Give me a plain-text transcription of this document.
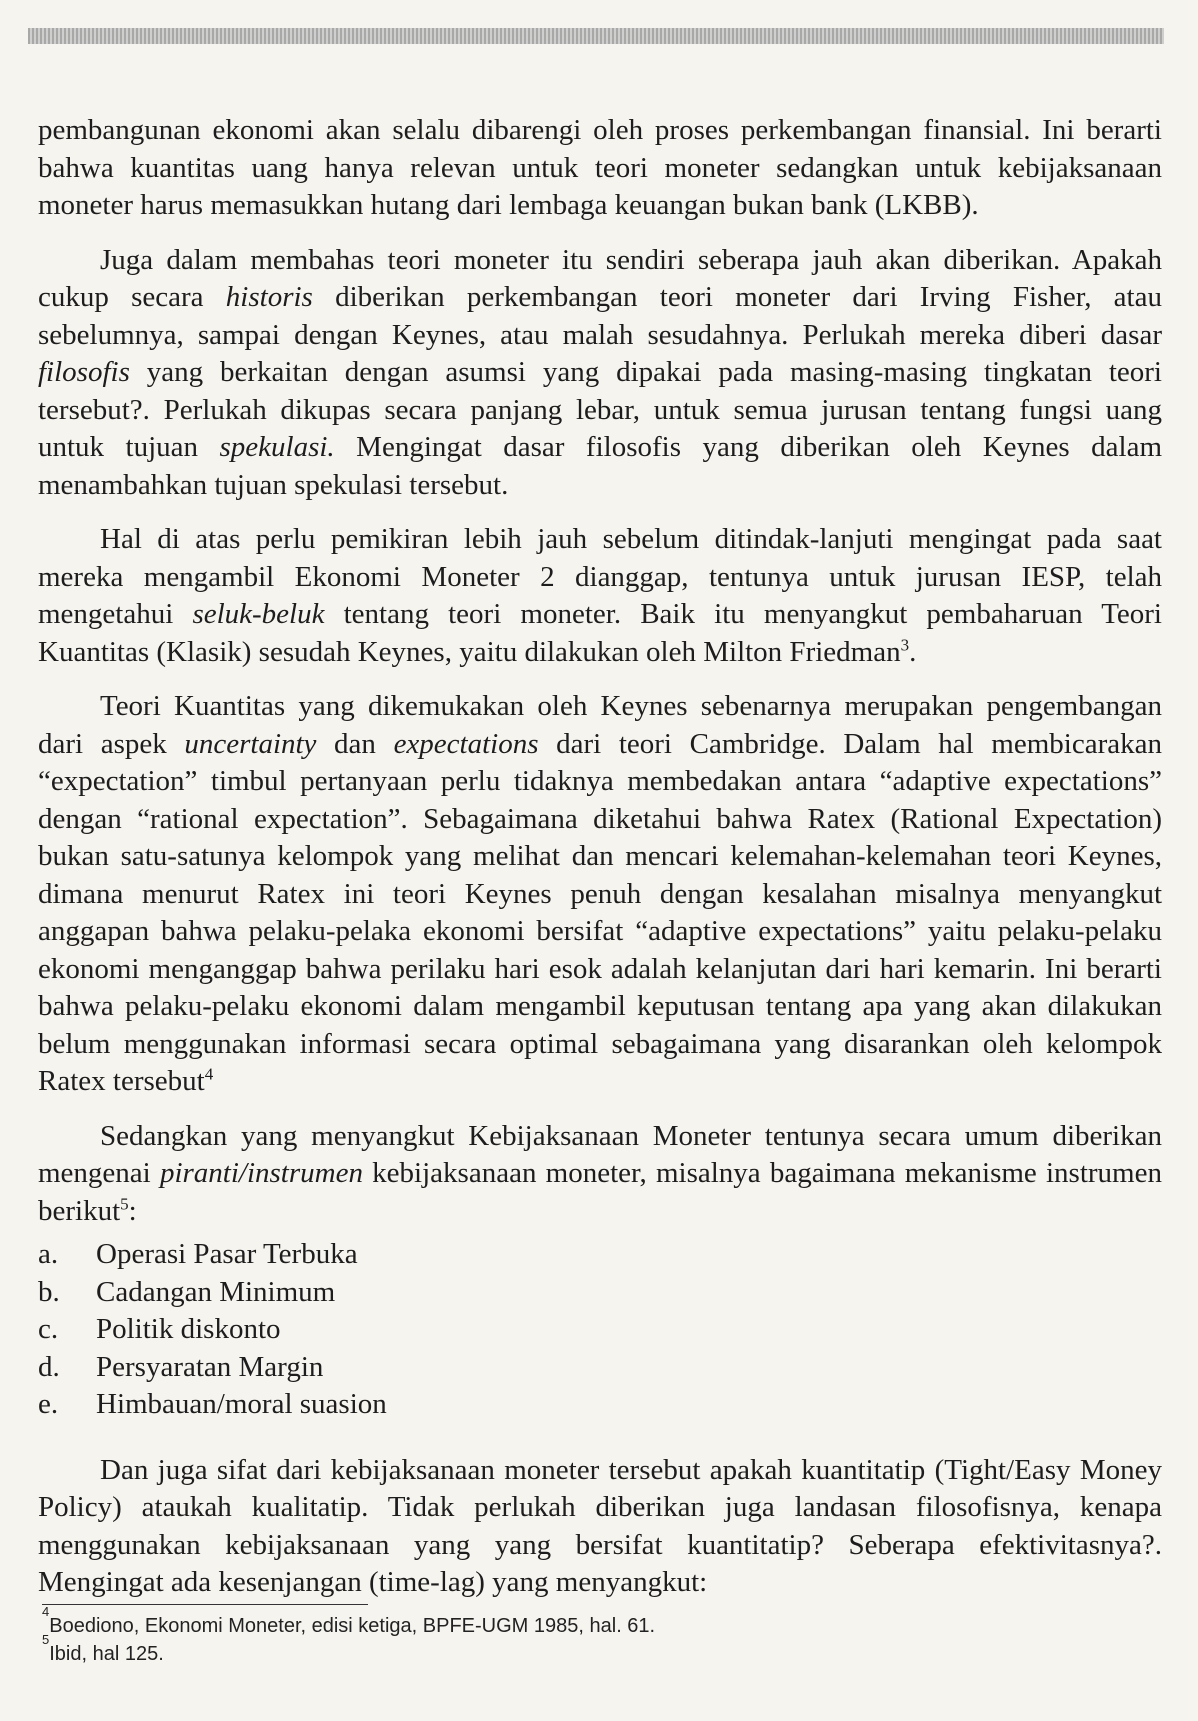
pembangunan ekonomi akan selalu dibarengi oleh proses perkembangan finansial. Ini berarti bahwa kuantitas uang hanya relevan untuk teori moneter sedangkan untuk kebijaksanaan moneter harus memasukkan hutang dari lembaga keuangan bukan bank (LKBB).

Juga dalam membahas teori moneter itu sendiri seberapa jauh akan diberikan. Apakah cukup secara historis diberikan perkembangan teori moneter dari Irving Fisher, atau sebelumnya, sampai dengan Keynes, atau malah sesudahnya. Perlukah mereka diberi dasar filosofis yang berkaitan dengan asumsi yang dipakai pada masing-masing tingkatan teori tersebut?. Perlukah dikupas secara panjang lebar, untuk semua jurusan tentang fungsi uang untuk tujuan spekulasi. Mengingat dasar filosofis yang diberikan oleh Keynes dalam menambahkan tujuan spekulasi tersebut.

Hal di atas perlu pemikiran lebih jauh sebelum ditindak-lanjuti mengingat pada saat mereka mengambil Ekonomi Moneter 2 dianggap, tentunya untuk jurusan IESP, telah mengetahui seluk-beluk tentang teori moneter. Baik itu menyangkut pembaharuan Teori Kuantitas (Klasik) sesudah Keynes, yaitu dilakukan oleh Milton Friedman$^3$.

Teori Kuantitas yang dikemukakan oleh Keynes sebenarnya merupakan pengembangan dari aspek uncertainty dan expectations dari teori Cambridge. Dalam hal membicarakan “expectation” timbul pertanyaan perlu tidaknya membedakan antara “adaptive expectations” dengan “rational expectation”. Sebagaimana diketahui bahwa Ratex (Rational Expectation) bukan satu-satunya kelompok yang melihat dan mencari kelemahan-kelemahan teori Keynes, dimana menurut Ratex ini teori Keynes penuh dengan kesalahan misalnya menyangkut anggapan bahwa pelaku-pelaka ekonomi bersifat “adaptive expectations” yaitu pelaku-pelaku ekonomi menganggap bahwa perilaku hari esok adalah kelanjutan dari hari kemarin. Ini berarti bahwa pelaku-pelaku ekonomi dalam mengambil keputusan tentang apa yang akan dilakukan belum menggunakan informasi secara optimal sebagaimana yang disarankan oleh kelompok Ratex tersebut$^4$

Sedangkan yang menyangkut Kebijaksanaan Moneter tentunya secara umum diberikan mengenai piranti/instrumen kebijaksanaan moneter, misalnya bagaimana mekanisme instrumen berikut$^5$:

a.	Operasi Pasar Terbuka
b.	Cadangan Minimum
c.	Politik diskonto
d.	Persyaratan Margin
e.	Himbauan/moral suasion

Dan juga sifat dari kebijaksanaan moneter tersebut apakah kuantitatip (Tight/Easy Money Policy) ataukah kualitatip. Tidak perlukah diberikan juga landasan filosofisnya, kenapa menggunakan kebijaksanaan yang yang bersifat kuantitatip? Seberapa efektivitasnya?. Mengingat ada kesenjangan (time-lag) yang menyangkut:

4
Boediono, Ekonomi Moneter, edisi ketiga, BPFE-UGM 1985, hal. 61.
5
Ibid, hal 125.
